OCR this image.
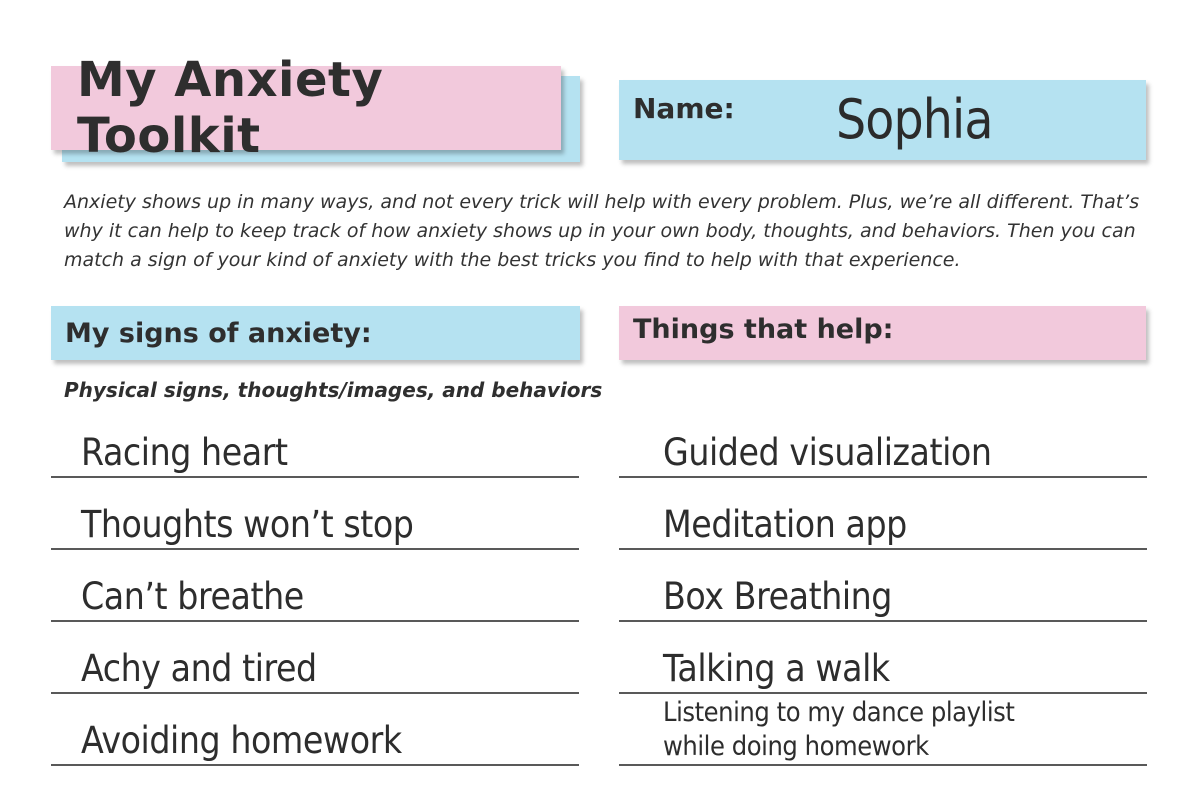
My Anxiety Toolkit	Name: Sophia
Anxiety shows up in many ways, and not every trick will help with every problem. Plus, we’re all different. That’s why it can help to keep track of how anxiety shows up in your own body, thoughts, and behaviors. Then you can match a sign of your kind of anxiety with the best tricks you find to help with that experience.
My signs of anxiety:	Things that help:
Physical signs, thoughts/images, and behaviors
Racing heart
Thoughts won’t stop
Can’t breathe
Achy and tired
Avoiding homework
Guided visualization
Meditation app
Box Breathing
Talking a walk
Listening to my dance playlist while doing homework
